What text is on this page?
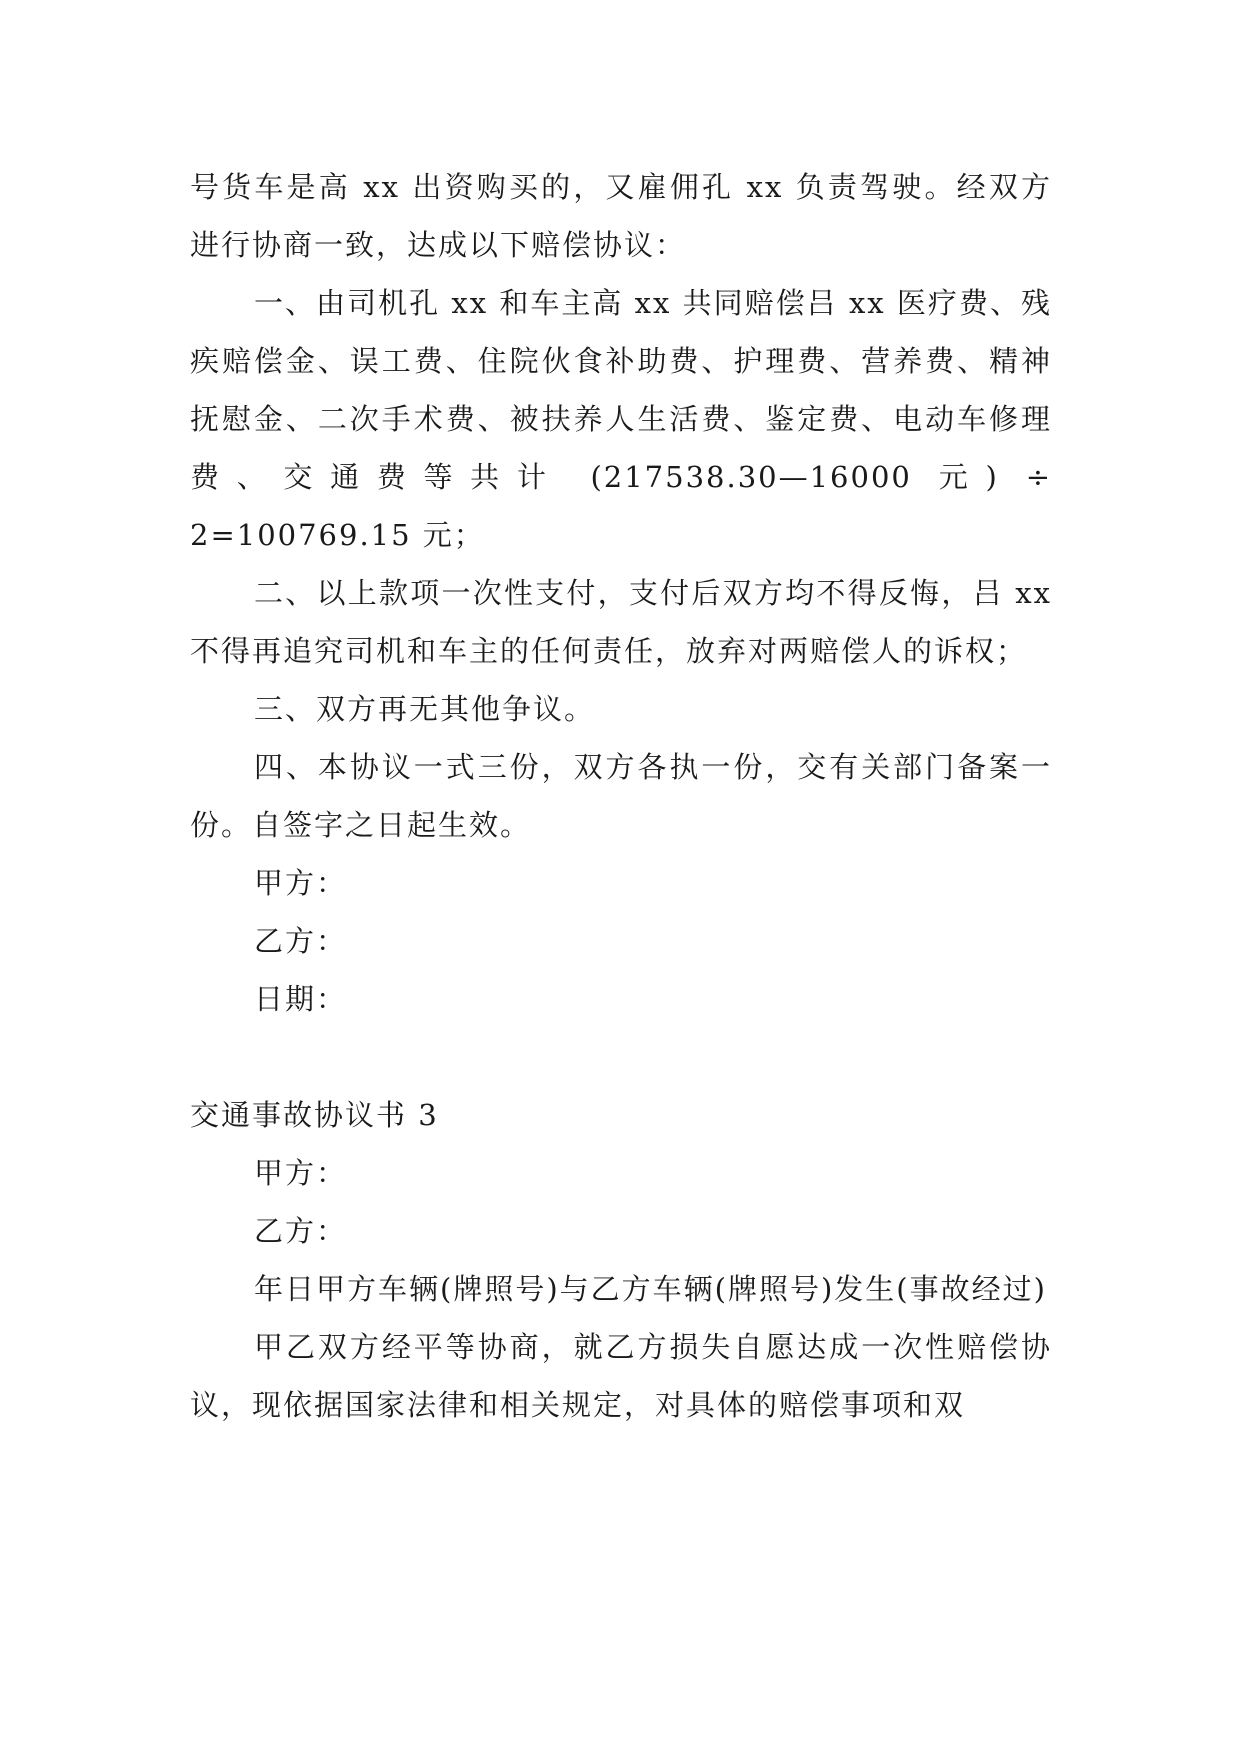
号货车是高 xx 出资购买的，又雇佣孔 xx 负责驾驶。经双方进行协商一致，达成以下赔偿协议：

一、由司机孔 xx 和车主高 xx 共同赔偿吕 xx 医疗费、残疾赔偿金、误工费、住院伙食补助费、护理费、营养费、精神抚慰金、二次手术费、被扶养人生活费、鉴定费、电动车修理费、交通费等共计 (217538.30—16000 元) ÷ 2=100769.15 元；

二、以上款项一次性支付，支付后双方均不得反悔，吕 xx 不得再追究司机和车主的任何责任，放弃对两赔偿人的诉权；

三、双方再无其他争议。

四、本协议一式三份，双方各执一份，交有关部门备案一份。自签字之日起生效。

甲方：

乙方：

日期：

交通事故协议书 3

甲方：

乙方：

年日甲方车辆(牌照号)与乙方车辆(牌照号)发生(事故经过)

甲乙双方经平等协商，就乙方损失自愿达成一次性赔偿协议，现依据国家法律和相关规定，对具体的赔偿事项和双
